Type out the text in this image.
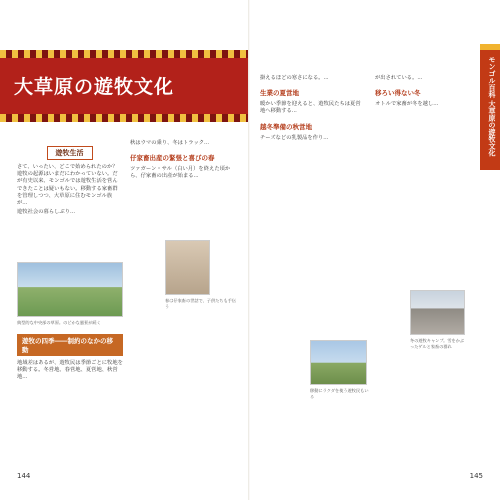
大草原の遊牧文化
遊牧生活

さて、いったい、どこで始められたのか？ 遊牧の起源はいまだにわかっていない。だが有史以来、モンゴルでは遊牧生活を営んできたことは疑いもない。移動する家畜群を管理しつつ、大草原に住むモンゴル族が...

遊牧社会の暮らしぶり...

典型的な中央部の草原。のどかな風景が続く
遊牧の四季――制約のなかの移動

地域差はあるが、遊牧民は季節ごとに牧地を移動する。冬営地、春営地、夏営地、秋営地...

秋はウマの乗り、冬はトラック...

仔家畜出産の緊張と喜びの春

ツァガーン・サル（白い月）を終えた頃から、仔家畜の出産が始まる...

春は仔家畜の世話で、子供たちも手伝う
144

掛えるほどの寒さになる。...

生業の夏営地

暖かい季節を迎えると、遊牧民たちは夏営地へ移動する...

越冬準備の秋営地

チーズなどの乳製品を作り...

移動にラクダを使う遊牧民もいる

が出されている。...

移ろい得ない冬

オトルで家畜が冬を越し...

冬の遊牧キャンプ。雪をかぶったゲルと家畜の群れ
モンゴル百科 大草原の遊牧文化
145
